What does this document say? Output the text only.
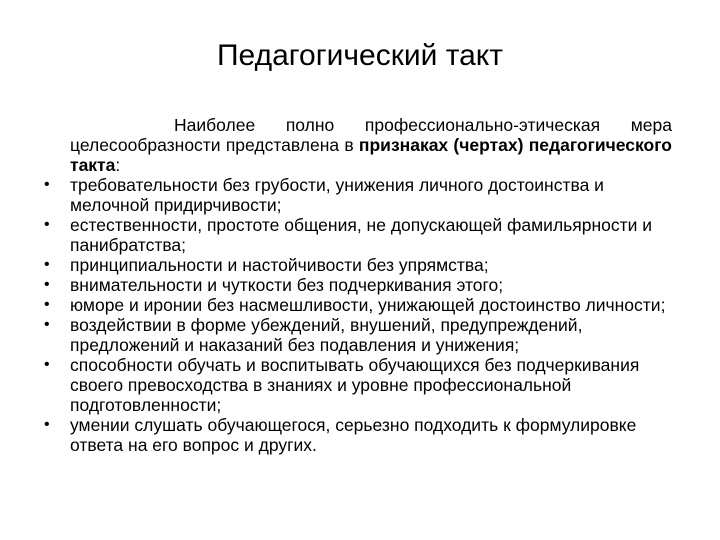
Педагогический такт

Наиболее полно профессионально-этическая мера целесообразности представлена в признаках (чертах) педагогического такта:

• требовательности без грубости, унижения личного достоинства и мелочной придирчивости;
• естественности, простоте общения, не допускающей фамильярности и панибратства;
• принципиальности и настойчивости без упрямства;
• внимательности и чуткости без подчеркивания этого;
• юморе и иронии без насмешливости, унижающей достоинство личности;
• воздействии в форме убеждений, внушений, предупреждений, предложений и наказаний без подавления и унижения;
• способности обучать и воспитывать обучающихся без подчеркивания своего превосходства в знаниях и уровне профессиональной подготовленности;
• умении слушать обучающегося, серьезно подходить к формулировке ответа на его вопрос и других.
